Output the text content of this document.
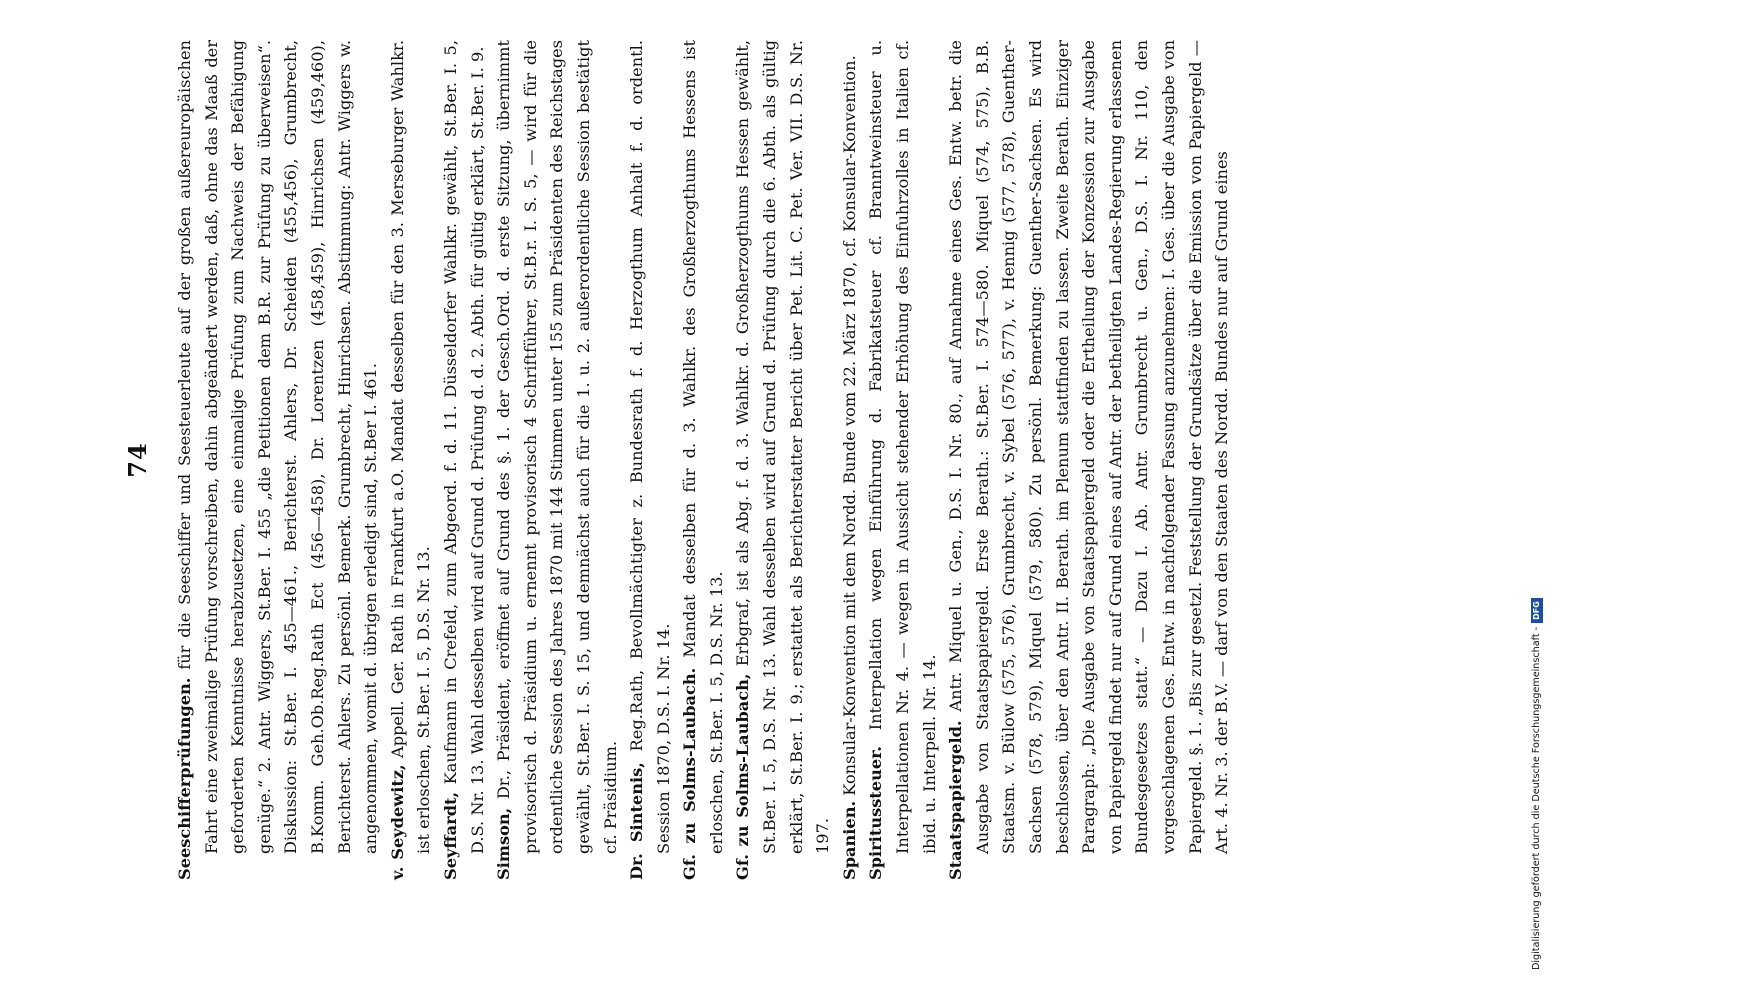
74

Seeschifferprüfungen. für die Seeschiffer und Seesteuerleute auf der großen außereuropäischen Fahrt eine zweimalige Prüfung vorschreiben, dahin abgeändert werden, daß, ohne das Maaß der geforderten Kenntnisse herabzusetzen, eine einmalige Prüfung zum Nachweis der Befähigung genüge.“ 2. Antr. Wiggers, St.Ber. I. 455 „die Petitionen dem B.R. zur Prüfung zu überweisen“. Diskussion: St.Ber. I. 455—461., Berichterst. Ahlers, Dr. Scheiden (455,456), Grumbrecht, B.Komm. Geh.Ob.Reg.Rath Ect (456—458), Dr. Lorentzen (458,459), Hinrichsen (459,460), Berichterst. Ahlers. Zu persönl. Bemerk. Grumbrecht, Hinrichsen. Abstimmung: Antr. Wiggers w. angenommen, womit d. übrigen erledigt sind, St.Ber I. 461. v. Seydewitz, Appell. Ger. Rath in Frankfurt a.O. Mandat desselben für den 3. Merseburger Wahlkr. ist erloschen, St.Ber. I. 5, D.S. Nr. 13. Seyffardt, Kaufmann in Crefeld, zum Abgeord. f. d. 11. Düsseldorfer Wahlkr. gewählt, St.Ber. I. 5, D.S. Nr. 13. Wahl desselben wird auf Grund d. Prüfung d. d. 2. Abth. für gültig erklärt, St.Ber. I. 9. Simson, Dr., Präsident, eröffnet auf Grund des §. 1. der Gesch.Ord. d. erste Sitzung, übernimmt provisorisch d. Präsidium u. ernennt provisorisch 4 Schriftführer, St.B.r. I. S. 5, — wird für die ordentliche Session des Jahres 1870 mit 144 Stimmen unter 155 zum Präsidenten des Reichstages gewählt, St.Ber. I. S. 15, und demnächst auch für die 1. u. 2. außerordentliche Session bestätigt cf. Präsidium. Dr. Sintenis, Reg.Rath, Bevollmächtigter z. Bundesrath f. d. Herzogthum Anhalt f. d. ordentl. Session 1870, D.S. I. Nr. 14. Gf. zu Solms-Laubach. Mandat desselben für d. 3. Wahlkr. des Großherzogthums Hessens ist erloschen, St.Ber. I. 5, D.S. Nr. 13. Gf. zu Solms-Laubach, Erbgraf, ist als Abg. f. d. 3. Wahlkr. d. Großherzogthums Hessen gewählt, St.Ber. I. 5, D.S. Nr. 13. Wahl desselben wird auf Grund d. Prüfung durch die 6. Abth. als gültig erklärt, St.Ber. I. 9.; erstattet als Berichterstatter Bericht über Pet. Lit. C. Pet. Ver. VII. D.S. Nr. 197. Spanien. Konsular-Konvention mit dem Nordd. Bunde vom 22. März 1870, cf. Konsular-Konvention.

Spiritussteuer. Interpellation wegen Einführung d. Fabrikatsteuer cf. Branntweinsteuer u. Interpellationen Nr. 4. — wegen in Aussicht stehender Erhöhung des Einfuhrzolles in Italien cf. ibid. u. Interpell. Nr. 14. Staatspapiergeld. Antr. Miquel u. Gen., D.S. I. Nr. 80., auf Annahme eines Ges. Entw. betr. die Ausgabe von Staatspapiergeld. Erste Berath.: St.Ber. I. 574—580. Miquel (574, 575), B.B. Staatsm. v. Bülow (575, 576), Grumbrecht, v. Sybel (576, 577), v. Hennig (577, 578), Guenther-Sachsen (578, 579), Miquel (579, 580). Zu persönl. Bemerkung: Guenther-Sachsen. Es wird beschlossen, über den Antr. II. Berath. im Plenum stattfinden zu lassen. Zweite Berath. Einziger Paragraph: „Die Ausgabe von Staatspapiergeld oder die Ertheilung der Konzession zur Ausgabe von Papiergeld findet nur auf Grund eines auf Antr. der betheiligten Landes-Regierung erlassenen Bundesgesetzes statt.“ — Dazu I. Ab. Antr. Grumbrecht u. Gen., D.S. I. Nr. 110, den vorgeschlagenen Ges. Entw. in nachfolgender Fassung anzunehmen: I. Ges. über die Ausgabe von Papiergeld. §. 1. „Bis zur gesetzl. Feststellung der Grundsätze über die Emission von Papiergeld — Art. 4. Nr. 3. der B.V. — darf von den Staaten des Nordd. Bundes nur auf Grund eines	Digitalisierung gefördert durch die Deutsche Forschungsgemeinschaft -DFG
